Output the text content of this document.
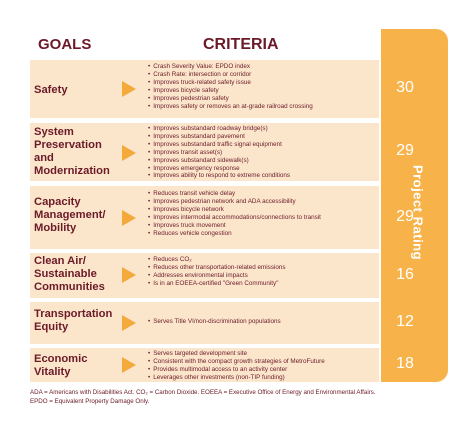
GOALS	CRITERIA
Project Rating
Safety
• Crash Severity Value: EPDO index
• Crash Rate: intersection or corridor
• Improves truck-related safety issue
• Improves bicycle safety
• Improves pedestrian safety
• Improves safety or removes an at-grade railroad crossing
30
System Preservation and Modernization
• Improves substandard roadway bridge(s)
• Improves substandard pavement
• Improves substandard traffic signal equipment
• Improves transit asset(s)
• Improves substandard sidewalk(s)
• Improves emergency response
• Improves ability to respond to extreme conditions
29
Capacity Management/ Mobility
• Reduces transit vehicle delay
• Improves pedestrian network and ADA accessibility
• Improves bicycle network
• Improves intermodal accommodations/connections to transit
• Improves truck movement
• Reduces vehicle congestion
29
Clean Air/ Sustainable Communities
• Reduces CO₂
• Reduces other transportation-related emissions
• Addresses environmental impacts
• Is in an EOEEA-certified "Green Community"
16
Transportation Equity
•	Serves Title VI/non-discrimination populations	12
Economic Vitality
• Serves targeted development site
• Consistent with the compact growth strategies of MetroFuture
• Provides multimodal access to an activity center
• Leverages other investments (non-TIP funding)
18
ADA = Americans with Disabilities Act. CO₂ = Carbon Dioxide. EOEEA = Executive Office of Energy and Environmental Affairs.
EPDO = Equivalent Property Damage Only.
